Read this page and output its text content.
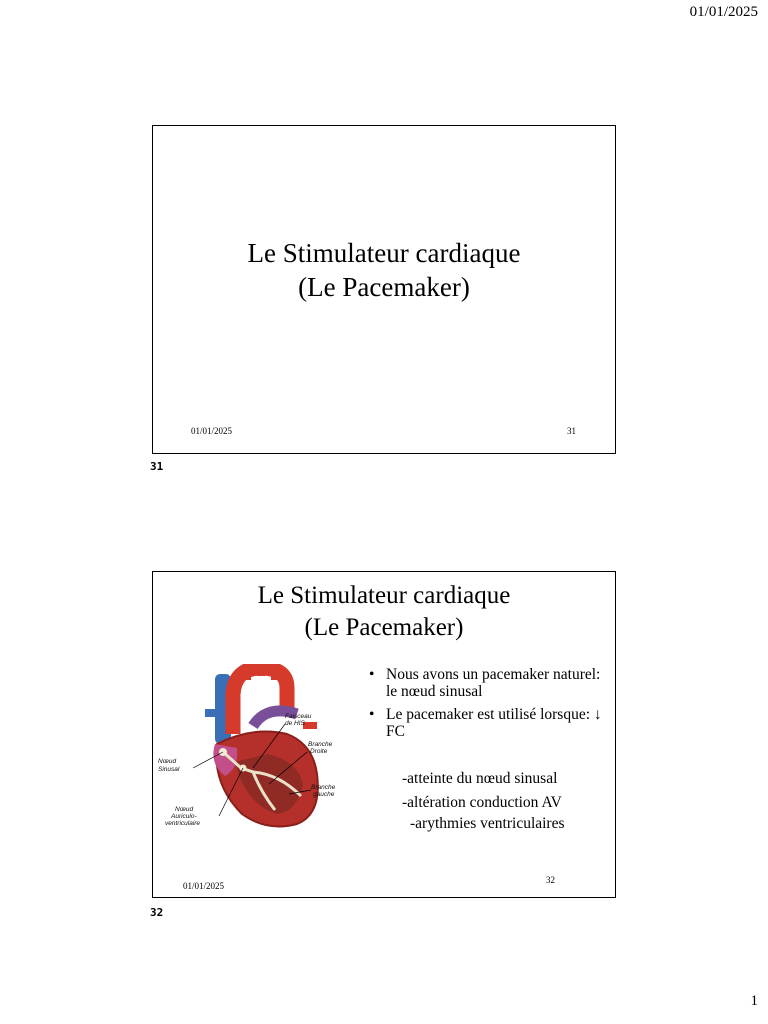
01/01/2025
Le Stimulateur cardiaque
(Le Pacemaker)
01/01/2025	31
31
Le Stimulateur cardiaque
(Le Pacemaker)
Faisceau
de HIS
Branche
Droite
Nœud
Sinusal
Branche
gauche
Nœud
Auriculo-
ventriculaire
• Nous avons un pacemaker naturel: le nœud sinusal
• Le pacemaker est utilisé lorsque: ↓ FC
-atteinte du nœud sinusal
-altération conduction AV
-arythmies ventriculaires
01/01/2025
32
32
1
